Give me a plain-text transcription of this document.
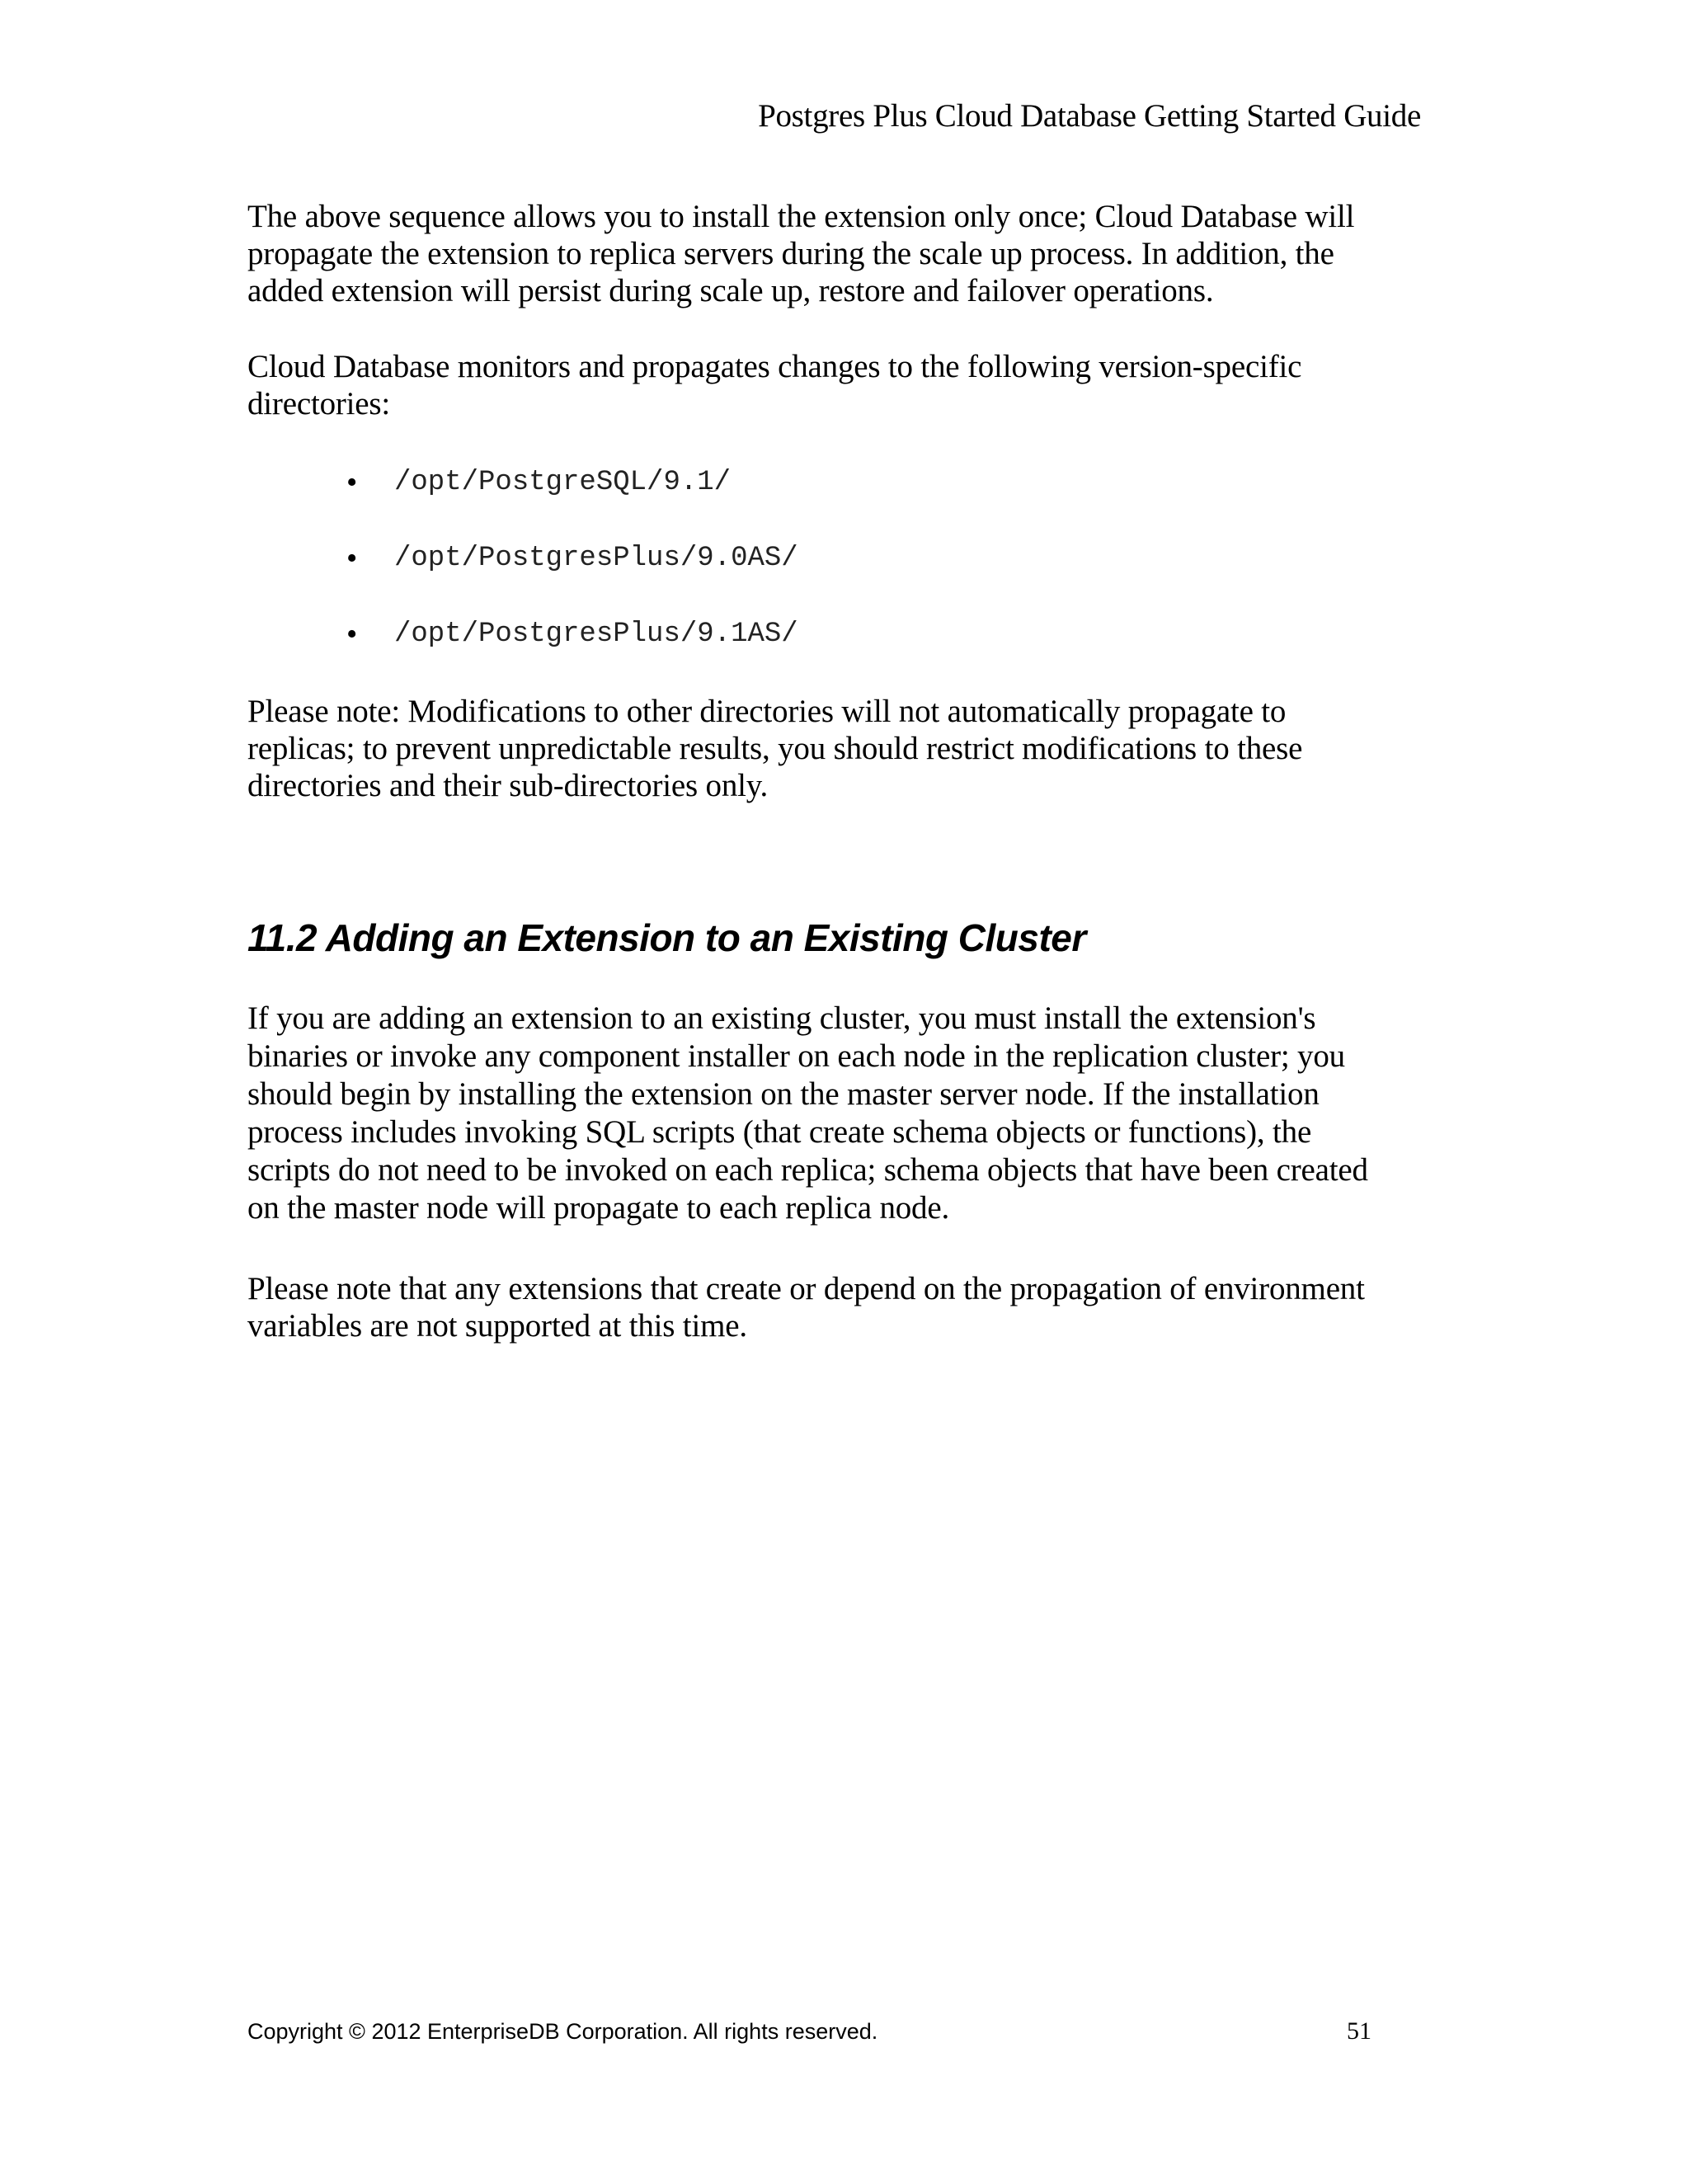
Postgres Plus Cloud Database Getting Started Guide

The above sequence allows you to install the extension only once; Cloud Database will
propagate the extension to replica servers during the scale up process. In addition, the
added extension will persist during scale up, restore and failover operations.

Cloud Database monitors and propagates changes to the following version-specific
directories:

• /opt/PostgreSQL/9.1/
• /opt/PostgresPlus/9.0AS/
• /opt/PostgresPlus/9.1AS/

Please note: Modifications to other directories will not automatically propagate to
replicas; to prevent unpredictable results, you should restrict modifications to these
directories and their sub-directories only.

11.2 Adding an Extension to an Existing Cluster

If you are adding an extension to an existing cluster, you must install the extension's
binaries or invoke any component installer on each node in the replication cluster; you
should begin by installing the extension on the master server node. If the installation
process includes invoking SQL scripts (that create schema objects or functions), the
scripts do not need to be invoked on each replica; schema objects that have been created
on the master node will propagate to each replica node.

Please note that any extensions that create or depend on the propagation of environment
variables are not supported at this time.

Copyright © 2012 EnterpriseDB Corporation. All rights reserved.	51
